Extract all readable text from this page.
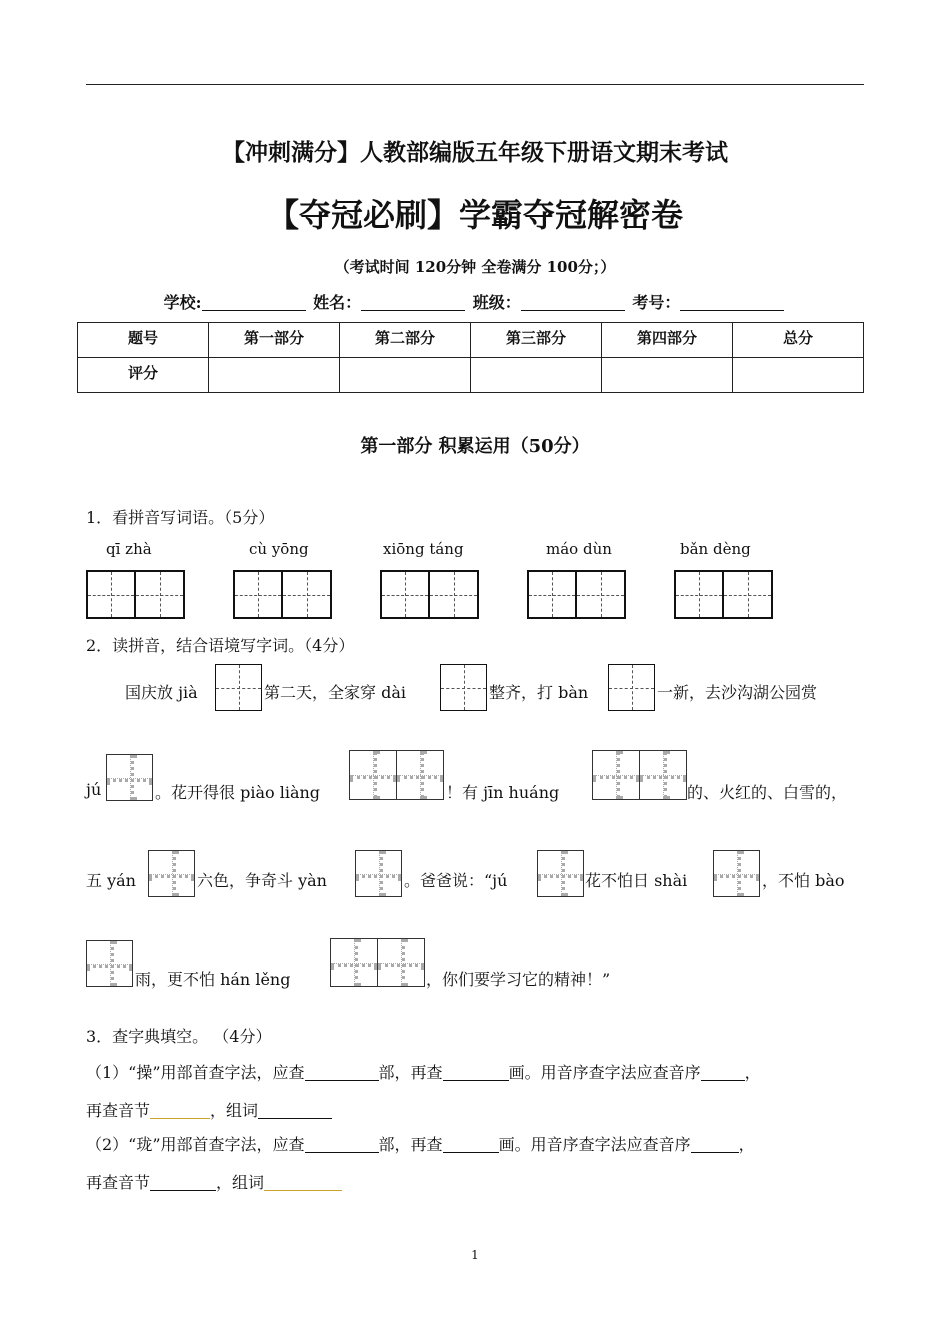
【冲刺满分】人教部编版五年级下册语文期末考试
【夺冠必刷】学霸夺冠解密卷
（考试时间 120分钟 全卷满分 100分；）
学校:	姓名：	班级：	考号：
题号	第一部分	第二部分	第三部分	第四部分	总分
评分					
第一部分 积累运用（50分）
1．看拼音写词语。（5分）
qī zhà	cù yōng	xiōng táng	máo dùn	bǎn dèng
2．读拼音，结合语境写字词。（4分）
国庆放 jià	第二天，全家穿 dài	整齐，打 bàn	一新，去沙沟湖公园赏
jú	。花开得很 piào liàng	！有 jīn huáng	的、火红的、白雪的，
五 yán	六色，争奇斗 yàn	。爸爸说：“jú	花不怕日 shài	，不怕 bào
雨，更不怕 hán lěng	，你们要学习它的精神！”
3．查字典填空。 （4分）
（1）“操”用部首查字法，应查	部，再查	画。用音序查字法应查音序	，
再查音节	，组词
（2）“珑”用部首查字法，应查	部，再查	画。用音序查字法应查音序	，
再查音节	，组词
1
